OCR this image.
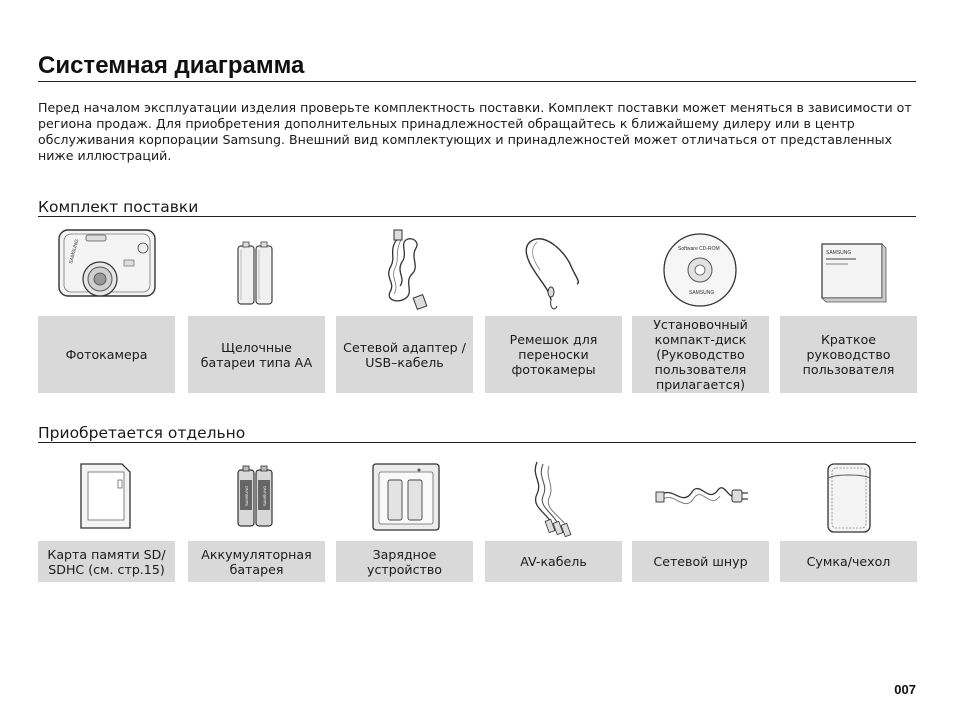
Системная диаграмма

Перед началом эксплуатации изделия проверьте комплектность поставки. Комплект поставки может меняться в зависимости от региона продаж. Для приобретения дополнительных принадлежностей обращайтесь к ближайшему дилеру или в центр обслуживания корпорации Samsung. Внешний вид комплектующих и принадлежностей может отличаться от представленных ниже иллюстраций.

Комплект поставки
SAMSUNG
Фотокамера	Щелочные батареи типа AA
Сетевой адаптер / USB–кабель
Ремешок для переноски фотокамеры
Software CD-ROM
SAMSUNG
Установочный компакт-диск (Руководство пользователя прилагается)
SAMSUNG
Краткое руководство пользователя
Приобретается отдельно
Карта памяти SD/ SDHC (см. стр.15)
SAMSUNG	SAMSUNG
Аккумуляторная батарея
Зарядное устройство	AV-кабель	Сетевой шнур	Сумка/чехол
007
